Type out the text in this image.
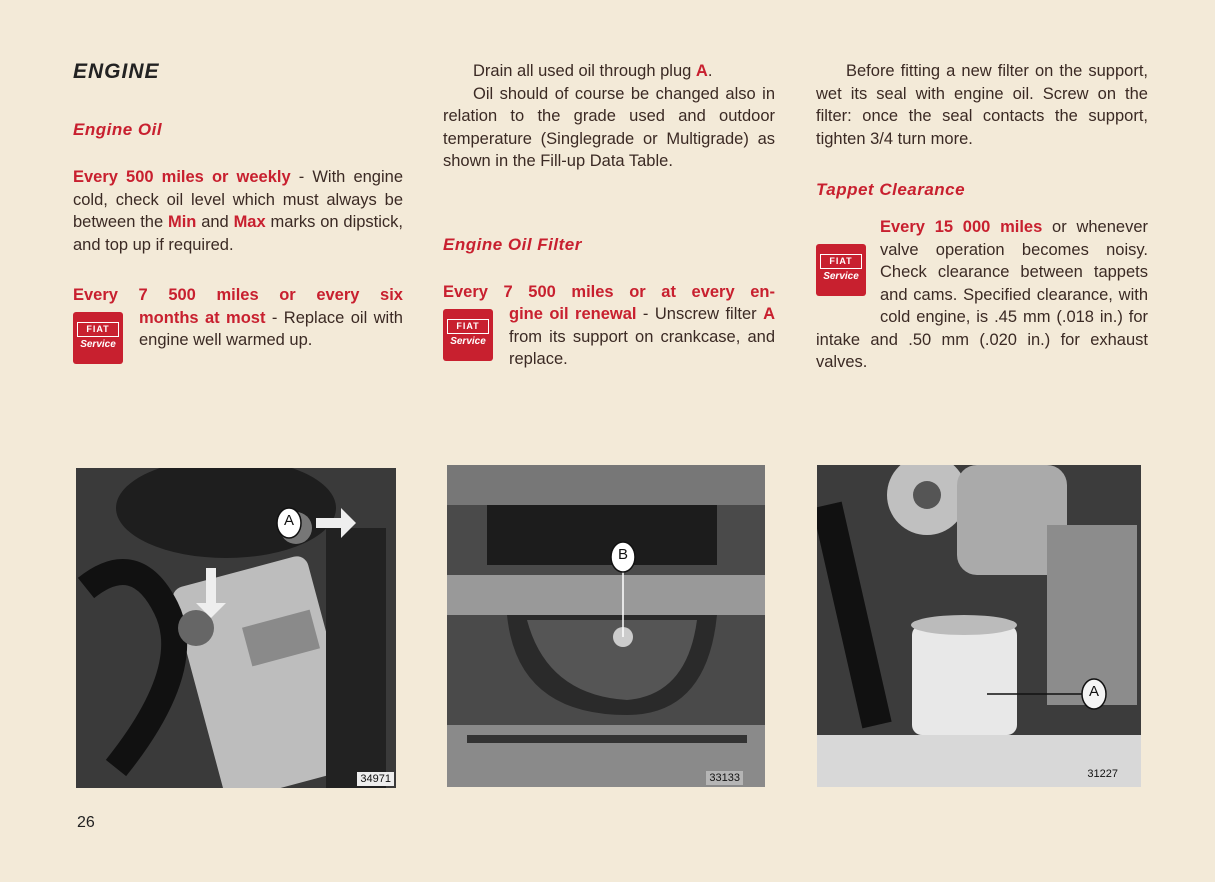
ENGINE
Engine Oil

Every 500 miles or weekly - With engine cold, check oil level which must always be between the Min and Max marks on dipstick, and top up if required.

Every 7 500 miles or every six

FIAT
Service

months at most - Replace oil with engine well warmed up.

Drain all used oil through plug A.

Oil should of course be changed also in relation to the grade used and outdoor temperature (Singlegrade or Multigrade) as shown in the Fill-up Data Table.

Engine Oil Filter

Every 7 500 miles or at every en-

FIAT
Service

gine oil renewal - Unscrew filter A from its support on crankcase, and replace.

Before fitting a new filter on the support, wet its seal with engine oil. Screw on the filter: once the seal contacts the support, tighten 3/4 turn more.

Tappet Clearance
FIAT
Service

Every 15 000 miles or whenever valve operation becomes noisy. Check clearance between tappets and cams. Specified clearance, with cold engine, is .45 mm (.018 in.) for intake and .50 mm (.020 in.) for exhaust valves.

A
34971
B
33133
A
31227
26
